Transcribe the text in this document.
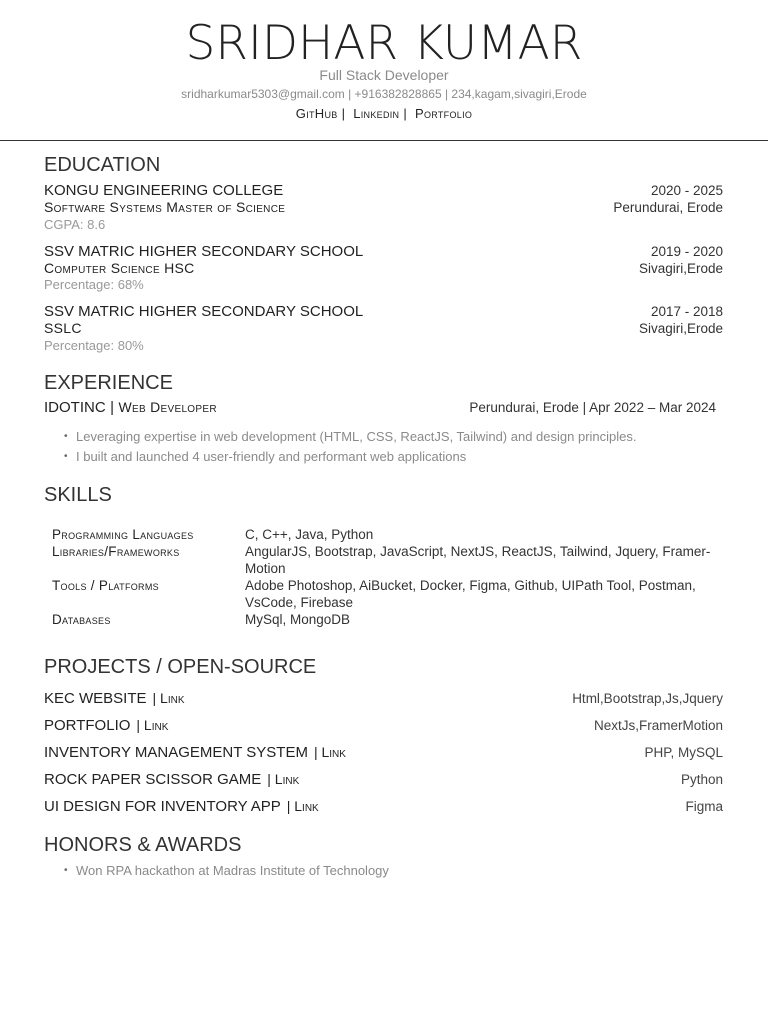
SRIDHAR KUMAR
Full Stack Developer
sridharkumar5303@gmail.com | +916382828865 | 234,kagam,sivagiri,Erode
GitHub | Linkedin | Portfolio
EDUCATION
KONGU ENGINEERING COLLEGE	2020 - 2025
Software Systems Master of Science	Perundurai, Erode
CGPA: 8.6
SSV MATRIC HIGHER SECONDARY SCHOOL	2019 - 2020
Computer Science HSC	Sivagiri,Erode
Percentage: 68%
SSV MATRIC HIGHER SECONDARY SCHOOL	2017 - 2018
SSLC	Sivagiri,Erode
Percentage: 80%
EXPERIENCE
IDOTINC | Web Developer	Perundurai, Erode | Apr 2022 – Mar 2024
• Leveraging expertise in web development (HTML, CSS, ReactJS, Tailwind) and design principles.
• I built and launched 4 user-friendly and performant web applications
SKILLS
Programming Languages	C, C++, Java, Python
Libraries/Frameworks	AngularJS, Bootstrap, JavaScript, NextJS, ReactJS, Tailwind, Jquery, Framer-Motion
Tools / Platforms	Adobe Photoshop, AiBucket, Docker, Figma, Github, UIPath Tool, Postman, VsCode, Firebase
Databases	MySql, MongoDB
PROJECTS / OPEN-SOURCE
KEC WEBSITE | Link	Html,Bootstrap,Js,Jquery
PORTFOLIO | Link	NextJs,FramerMotion
INVENTORY MANAGEMENT SYSTEM | Link	PHP, MySQL
ROCK PAPER SCISSOR GAME | Link	Python
UI DESIGN FOR INVENTORY APP | Link	Figma
HONORS & AWARDS
• Won RPA hackathon at Madras Institute of Technology
